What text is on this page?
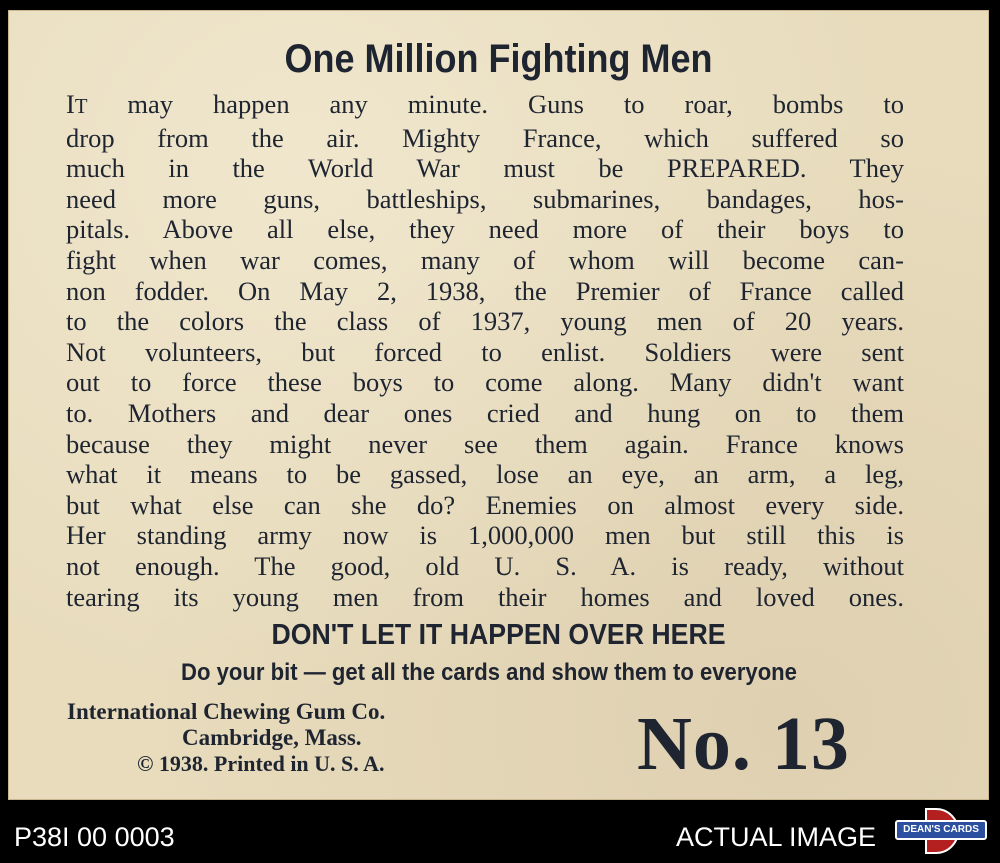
One Million Fighting Men
IT may happen any minute. Guns to roar, bombs to
drop from the air. Mighty France, which suffered so
much in the World War must be PREPARED. They
need more guns, battleships, submarines, bandages, hos-
pitals. Above all else, they need more of their boys to
fight when war comes, many of whom will become can-
non fodder. On May 2, 1938, the Premier of France called
to the colors the class of 1937, young men of 20 years.
Not volunteers, but forced to enlist. Soldiers were sent
out to force these boys to come along. Many didn't want
to. Mothers and dear ones cried and hung on to them
because they might never see them again. France knows
what it means to be gassed, lose an eye, an arm, a leg,
but what else can she do? Enemies on almost every side.
Her standing army now is 1,000,000 men but still this is
not enough. The good, old U. S. A. is ready, without
tearing its young men from their homes and loved ones.
DON'T LET IT HAPPEN OVER HERE
Do your bit — get all the cards and show them to everyone
International Chewing Gum Co.
Cambridge, Mass.
© 1938. Printed in U. S. A.	No. 13
P38I 00 0003	ACTUAL IMAGE	DEAN'S CARDS
